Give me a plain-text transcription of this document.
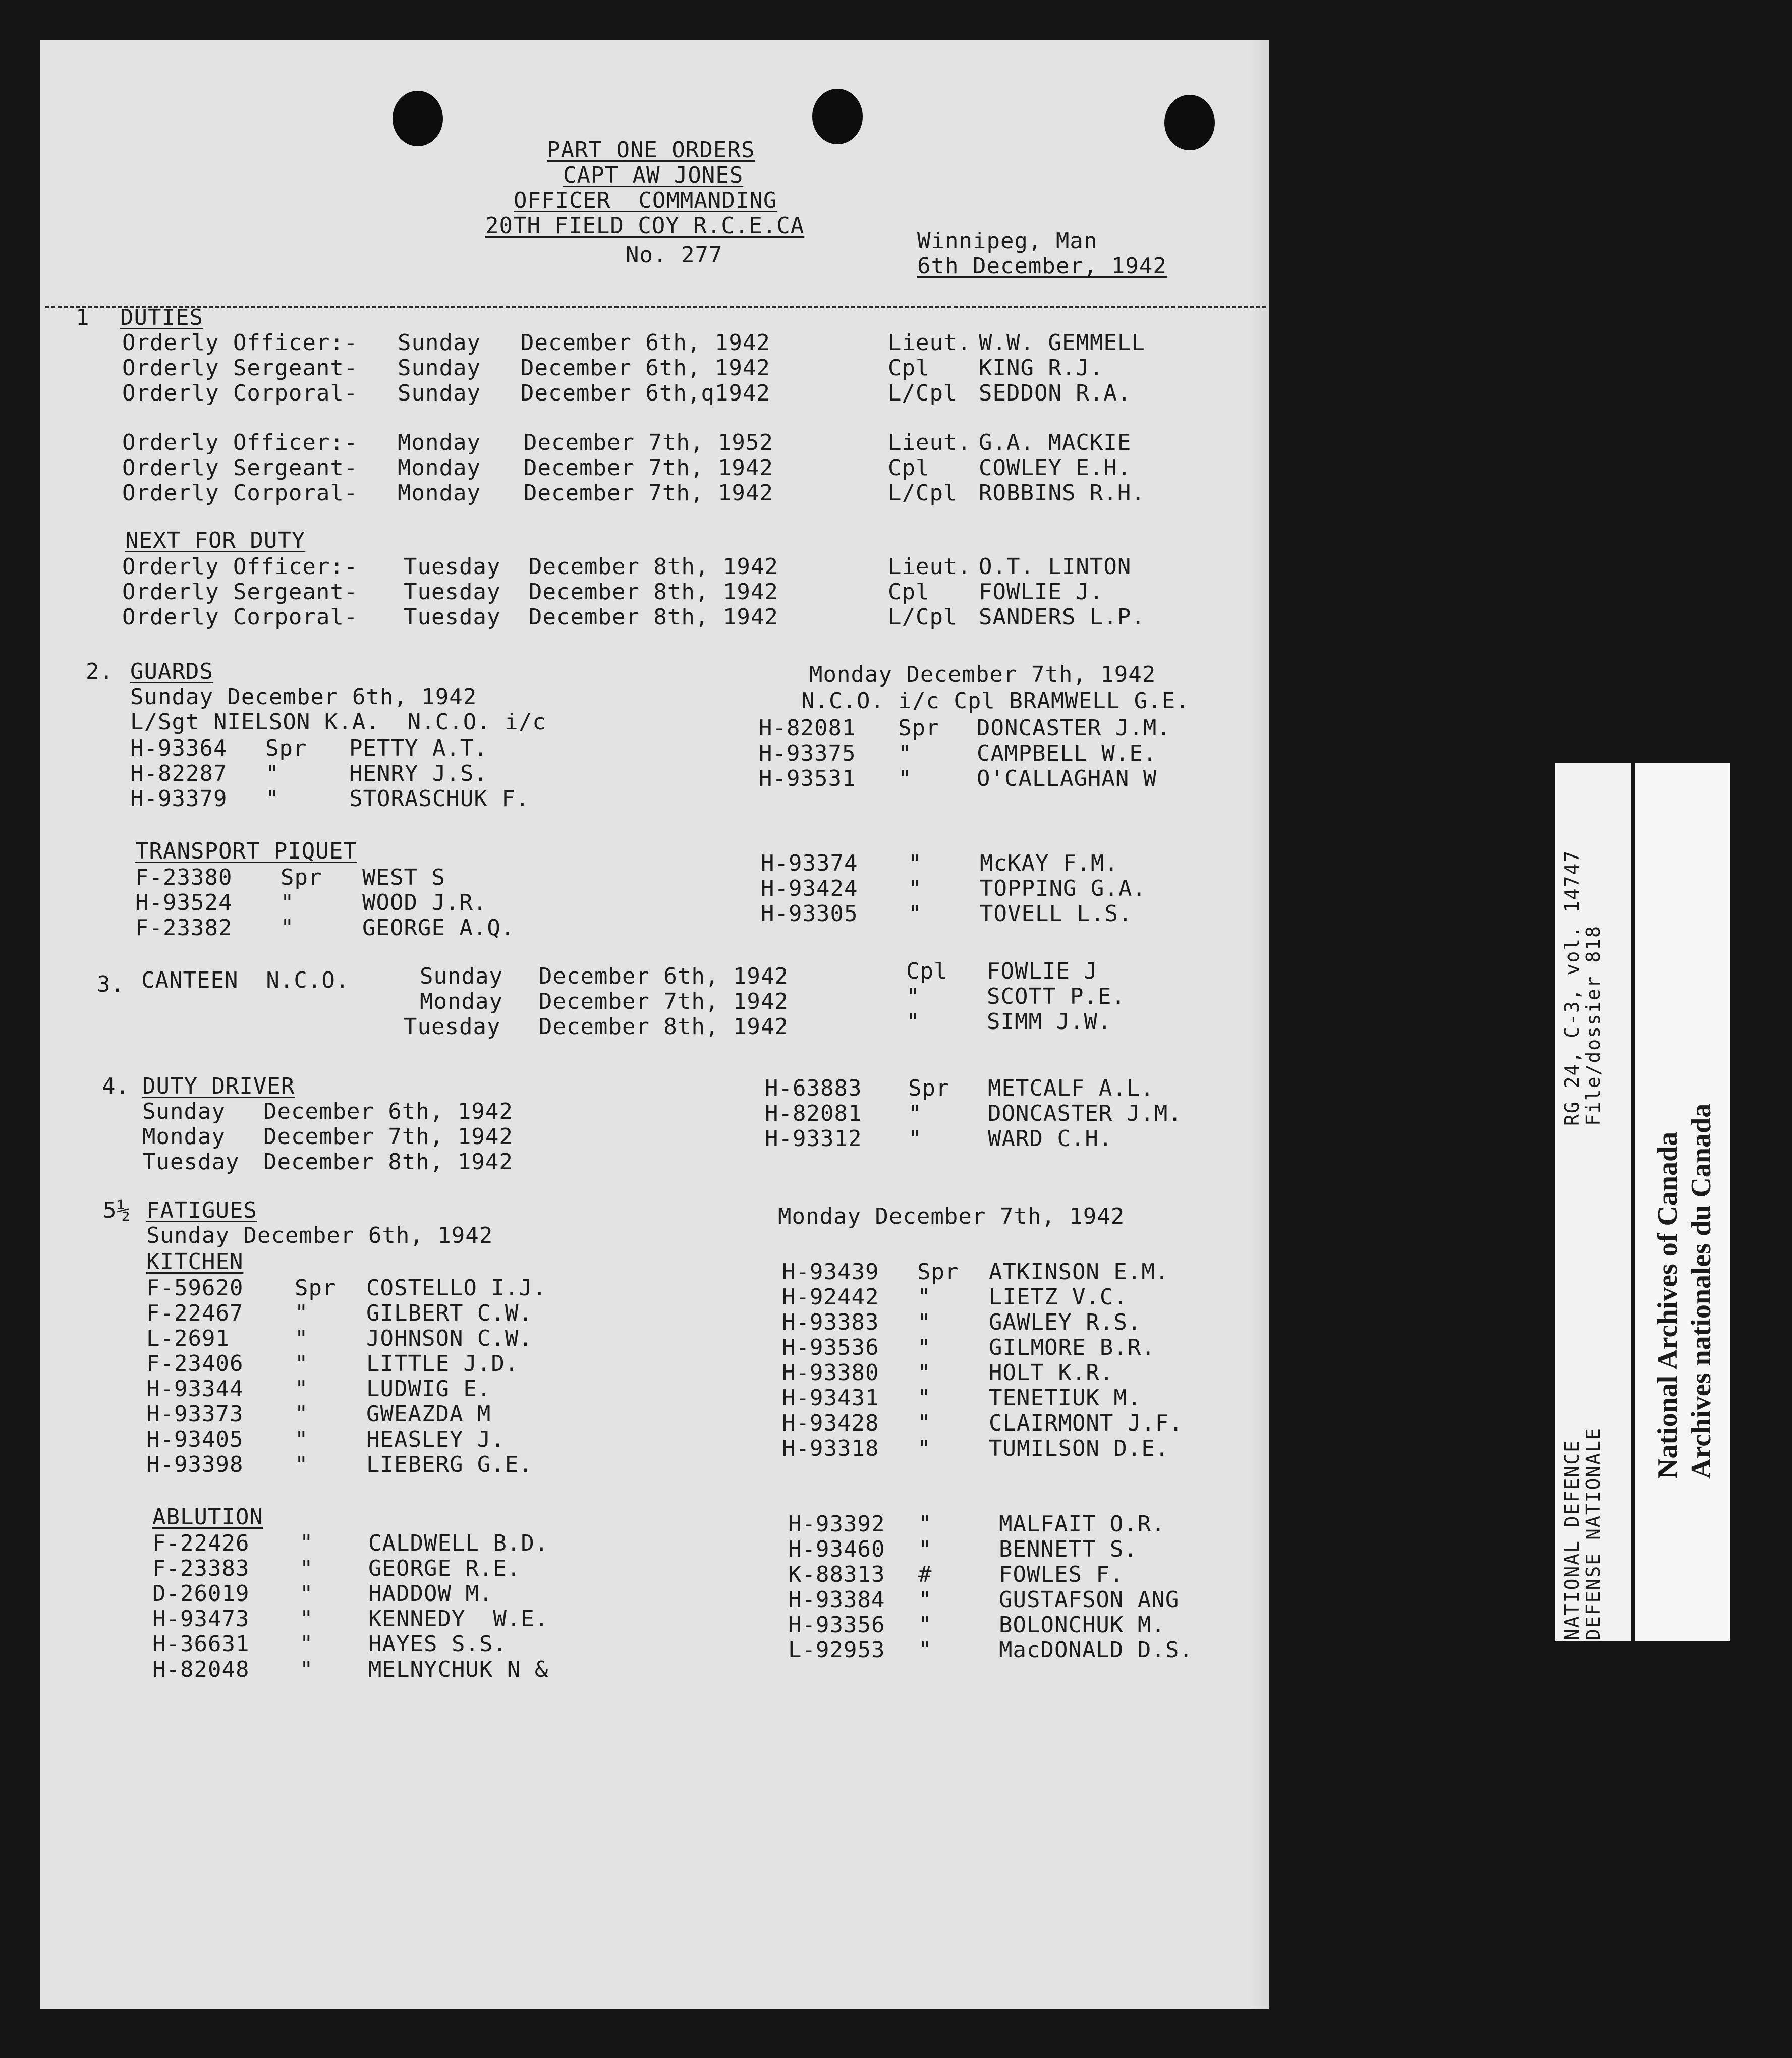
PART ONE ORDERS
CAPT AW JONES
OFFICER  COMMANDING
20TH FIELD COY R.C.E.CA
No. 277
Winnipeg, Man
6th December, 1942
1 DUTIES
Orderly Officer:- Sunday December 6th, 1942	Lieut. W.W. GEMMELL
Orderly Sergeant- Sunday December 6th, 1942	Cpl KING R.J.
Orderly Corporal- Sunday December 6th,q1942	L/Cpl SEDDON R.A.
Orderly Officer:- Monday December 7th, 1952	Lieut. G.A. MACKIE
Orderly Sergeant- Monday December 7th, 1942	Cpl COWLEY E.H.
Orderly Corporal- Monday December 7th, 1942	L/Cpl ROBBINS R.H.
NEXT FOR DUTY
Orderly Officer:- Tuesday December 8th, 1942	Lieut. O.T. LINTON
Orderly Sergeant- Tuesday December 8th, 1942	Cpl FOWLIE J.
Orderly Corporal- Tuesday December 8th, 1942	L/Cpl SANDERS L.P.
2. GUARDS
Sunday December 6th, 1942
L/Sgt NIELSON K.A.  N.C.O. i/c
H-93364 Spr PETTY A.T.
H-82287 "	HENRY J.S.
H-93379 "	STORASCHUK F.
Monday December 7th, 1942
N.C.O. i/c Cpl BRAMWELL G.E.
H-82081 Spr DONCASTER J.M.
H-93375 "	CAMPBELL W.E.
H-93531 "	O'CALLAGHAN W
TRANSPORT PIQUET
F-23380 Spr WEST S
H-93524 "	WOOD J.R.
F-23382 "	GEORGE A.Q.
H-93374 "	McKAY F.M.
H-93424 "	TOPPING G.A.
H-93305 "	TOVELL L.S.
3. CANTEEN  N.C.O.	Sunday December 6th, 1942	Cpl FOWLIE J
Monday December 7th, 1942	"	SCOTT P.E.
Tuesday December 8th, 1942	"	SIMM J.W.
4. DUTY DRIVER
Sunday December 6th, 1942
H-63883 Spr METCALF A.L.
Monday December 7th, 1942
H-82081 "	DONCASTER J.M.
Tuesday December 8th, 1942
H-93312 "	WARD C.H.
5½ FATIGUES
Sunday December 6th, 1942
Monday December 7th, 1942
KITCHEN
F-59620 Spr COSTELLO I.J.
F-22467 "	GILBERT C.W.
L-2691	"	JOHNSON C.W.
F-23406 "	LITTLE J.D.
H-93344 "	LUDWIG E.
H-93373 "	GWEAZDA M
H-93405 "	HEASLEY J.
H-93398 "	LIEBERG G.E.
H-93439 Spr ATKINSON E.M.
H-92442 "	LIETZ V.C.
H-93383 "	GAWLEY R.S.
H-93536 "	GILMORE B.R.
H-93380 "	HOLT K.R.
H-93431 "	TENETIUK M.
H-93428 "	CLAIRMONT J.F.
H-93318 "	TUMILSON D.E.
ABLUTION
F-22426 " CALDWELL B.D.
F-23383 " GEORGE R.E.
D-26019 " HADDOW M.
H-93473 " KENNEDY  W.E.
H-36631 " HAYES S.S.
H-82048 " MELNYCHUK N &
H-93392 "	MALFAIT O.R.
H-93460 "	BENNETT S.
K-88313 #	FOWLES F.
H-93384 "	GUSTAFSON ANG
H-93356 "	BOLONCHUK M.
L-92953 "	MacDONALD D.S.
NATIONAL DEFENCE
DEFENSE NATIONALE
RG 24, C-3, vol. 14747
File/dossier 818
National Archives of Canada Archives nationales du Canada
